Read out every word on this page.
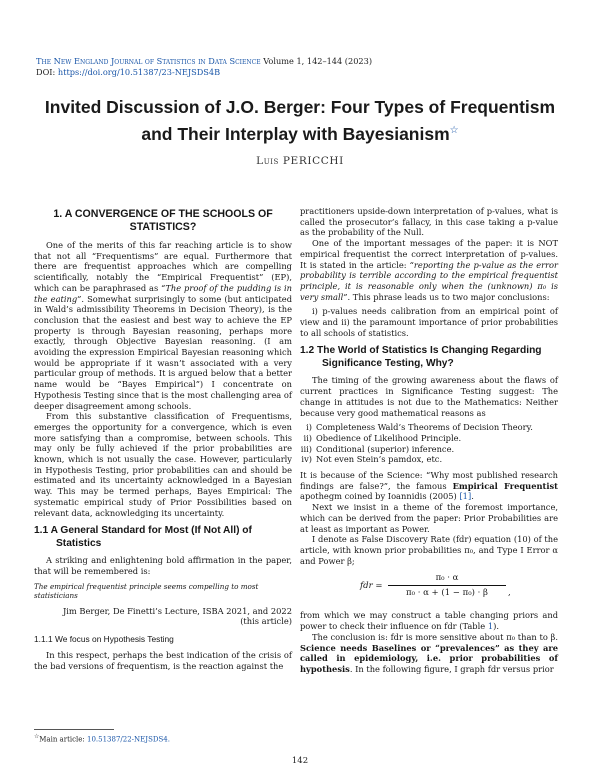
The New England Journal of Statistics in Data Science Volume 1, 142–144 (2023)
DOI: https://doi.org/10.51387/23-NEJSDS4B
Invited Discussion of J.O. Berger: Four Types of Frequentism and Their Interplay with Bayesianism☆
Luis PERICCHI
1. A CONVERGENCE OF THE SCHOOLS OF STATISTICS?

One of the merits of this far reaching article is to show that not all “Frequentisms” are equal. Furthermore that there are frequentist approaches which are compelling scientifically, notably the “Empirical Frequentist” (EP), which can be paraphrased as “The proof of the pudding is in the eating”. Somewhat surprisingly to some (but anticipated in Wald’s admissibility Theorems in Decision Theory), is the conclusion that the easiest and best way to achieve the EP property is through Bayesian reasoning, perhaps more exactly, through Objective Bayesian reasoning. (I am avoiding the expression Empirical Bayesian reasoning which would be appropriate if it wasn’t associated with a very particular group of methods. It is argued below that a better name would be “Bayes Empirical”) I concentrate on Hypothesis Testing since that is the most challenging area of deeper disagreement among schools.

From this substantive classification of Frequentisms, emerges the opportunity for a convergence, which is even more satisfying than a compromise, between schools. This may only be fully achieved if the prior probabilities are known, which is not usually the case. However, particularly in Hypothesis Testing, prior probabilities can and should be estimated and its uncertainty acknowledged in a Bayesian way. This may be termed perhaps, Bayes Empirical: The systematic empirical study of Prior Possibilities based on relevant data, acknowledging its uncertainty.

1.1 A General Standard for Most (If Not All) of Statistics

A striking and enlightening bold affirmation in the paper, that will be remembered is:

The empirical frequentist principle seems compelling to most statisticians
Jim Berger, De Finetti’s Lecture, ISBA 2021, and 2022
(this article)
1.1.1 We focus on Hypothesis Testing

In this respect, perhaps the best indication of the crisis of the bad versions of frequentism, is the reaction against the

practitioners upside-down interpretation of p-values, what is called the prosecutor’s fallacy, in this case taking a p-value as the probability of the Null.

One of the important messages of the paper: it is NOT empirical frequentist the correct interpretation of p-values. It is stated in the article: “reporting the p-value as the error probability is terrible according to the empirical frequentist principle, it is reasonable only when the (unknown) π₀ is very small”. This phrase leads us to two major conclusions:

i) p-values needs calibration from an empirical point of view and ii) the paramount importance of prior probabilities to all schools of statistics.

1.2 The World of Statistics Is Changing Regarding Significance Testing, Why?

The timing of the growing awareness about the flaws of current practices in Significance Testing suggest: The change in attitudes is not due to the Mathematics: Neither because very good mathematical reasons as

i) Completeness Wald’s Theorems of Decision Theory.
ii) Obedience of Likelihood Principle.
iii) Conditional (superior) inference.
iv) Not even Stein’s pamdox, etc.

It is because of the Science: “Why most published research findings are false?”, the famous Empirical Frequentist apothegm coined by Ioannidis (2005) [1].

Next we insist in a theme of the foremost importance, which can be derived from the paper: Prior Probabilities are at least as important as Power.

I denote as False Discovery Rate (fdr) equation (10) of the article, with known prior probabilities π₀, and Type I Error α and Power β;

fdr =
π₀ · α
π₀ · α + (1 − π₀) · β	,

from which we may construct a table changing priors and power to check their influence on fdr (Table 1).

The conclusion is: fdr is more sensitive about π₀ than to β. Science needs Baselines or “prevalences” as they are called in epidemiology, i.e. prior probabilities of hypothesis. In the following figure, I graph fdr versus prior

☆Main article: 10.51387/22-NEJSDS4.
142
